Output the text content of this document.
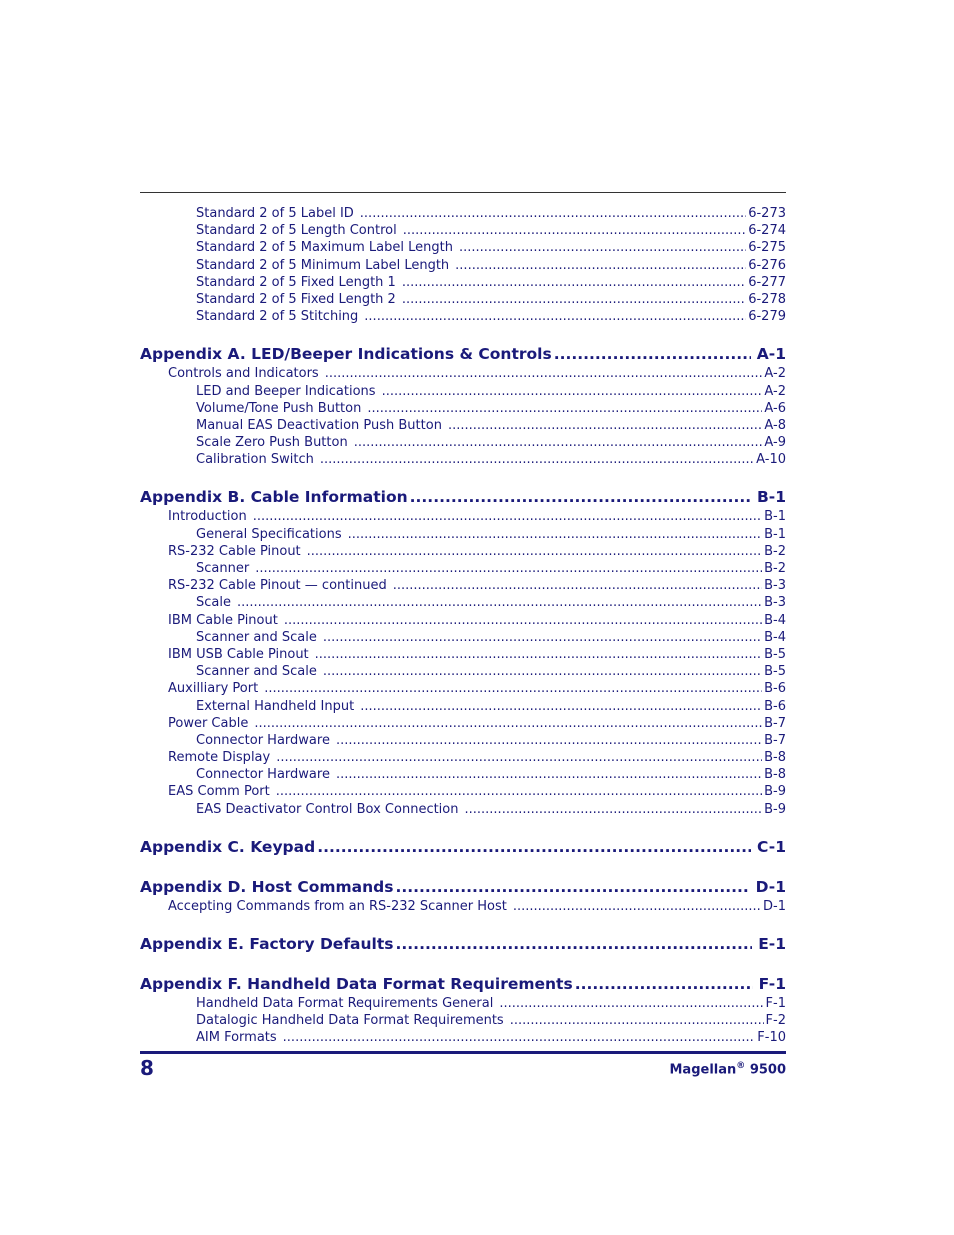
Standard 2 of 5 Label ID .....	6-273
Standard 2 of 5 Length Control .....	6-274
Standard 2 of 5 Maximum Label Length .....	6-275
Standard 2 of 5 Minimum Label Length .....	6-276
Standard 2 of 5 Fixed Length 1 .....	6-277
Standard 2 of 5 Fixed Length 2 .....	6-278
Standard 2 of 5 Stitching .....	6-279
Appendix A. LED/Beeper Indications & Controls .....	A-1
Controls and Indicators .....	A-2
LED and Beeper Indications .....	A-2
Volume/Tone Push Button .....	A-6
Manual EAS Deactivation Push Button .....	A-8
Scale Zero Push Button .....	A-9
Calibration Switch .....	A-10
Appendix B. Cable Information .....	B-1
Introduction .....	B-1
General Specifications .....	B-1
RS-232 Cable Pinout .....	B-2
Scanner .....	B-2
RS-232 Cable Pinout — continued .....	B-3
Scale .....	B-3
IBM Cable Pinout .....	B-4
Scanner and Scale .....	B-4
IBM USB Cable Pinout .....	B-5
Scanner and Scale .....	B-5
Auxilliary Port .....	B-6
External Handheld Input .....	B-6
Power Cable .....	B-7
Connector Hardware .....	B-7
Remote Display .....	B-8
Connector Hardware .....	B-8
EAS Comm Port .....	B-9
EAS Deactivator Control Box Connection .....	B-9
Appendix C. Keypad .....	C-1
Appendix D. Host Commands .....	D-1
Accepting Commands from an RS-232 Scanner Host .....	D-1
Appendix E. Factory Defaults .....	E-1
Appendix F. Handheld Data Format Requirements .....	F-1
Handheld Data Format Requirements General .....	F-1
Datalogic Handheld Data Format Requirements .....	F-2
AIM Formats .....	F-10
8	Magellan® 9500
